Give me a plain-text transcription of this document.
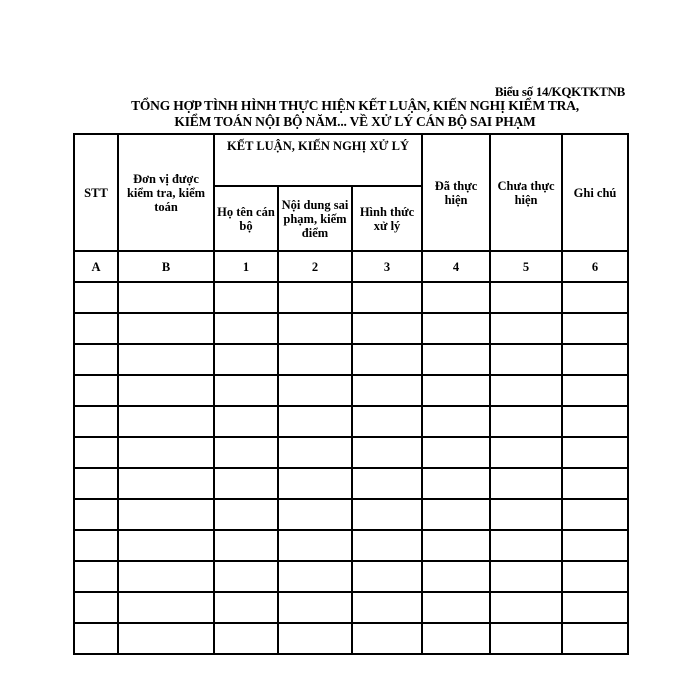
Biểu số 14/KQKTKTNB
TỔNG HỢP TÌNH HÌNH THỰC HIỆN KẾT LUẬN, KIẾN NGHỊ KIỂM TRA,
KIỂM TOÁN NỘI BỘ NĂM... VỀ XỬ LÝ CÁN BỘ SAI PHẠM
STT	Đơn vị được kiểm tra, kiểm toán	KẾT LUẬN, KIẾN NGHỊ XỬ LÝ			Đã thực hiện	Chưa thực hiện	Ghi chú
		Họ tên cán bộ	Nội dung sai phạm, kiếm điểm	Hình thức xử lý			
A	B	1	2	3	4	5	6
